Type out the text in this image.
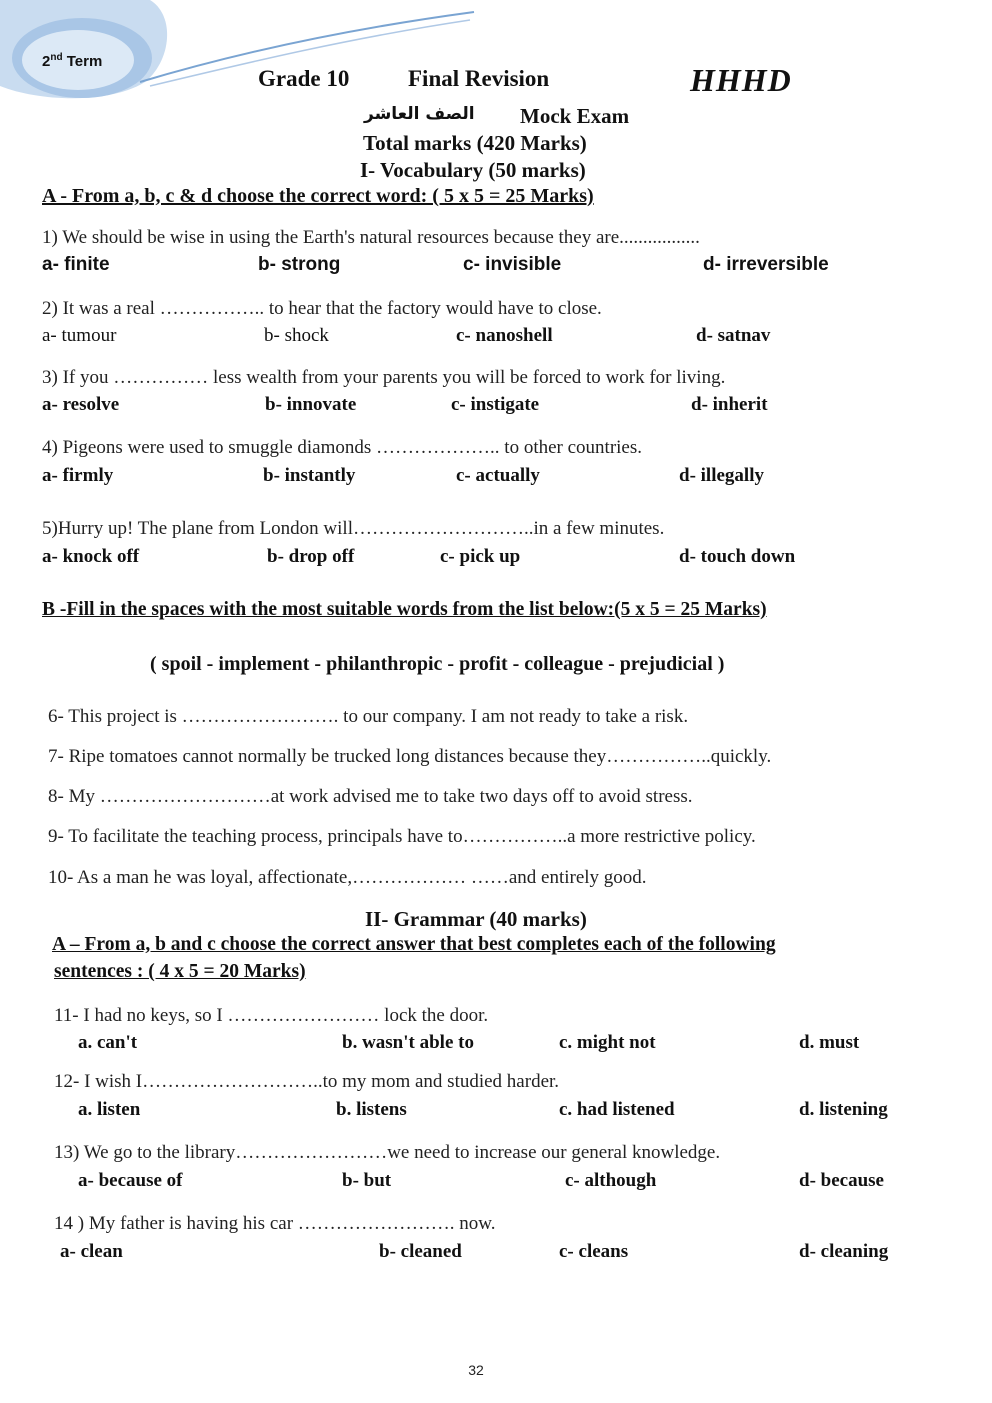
2nd Term
Grade 10	Final Revision	HHHD
الصف العاشر Mock Exam
Total marks (420 Marks)
I- Vocabulary (50 marks)
A - From a, b, c & d choose the correct word: ( 5 x 5 = 25 Marks)
1) We should be wise in using the Earth's natural resources because they are.................
a- finite	b- strong	c- invisible	d- irreversible
2) It was a real …………….. to hear that the factory would have to close.
a- tumour	b- shock	c- nanoshell	d- satnav
3) If you …………… less wealth from your parents you will be forced to work for living.
a- resolve	b- innovate	c- instigate	d- inherit
4) Pigeons were used to smuggle diamonds ……………….. to other countries.
a- firmly	b- instantly	c- actually	d- illegally
5)Hurry up! The plane from London will………………………..in a few minutes.
a- knock off	b- drop off	c- pick up	d- touch down
B -Fill in the spaces with the most suitable words from the list below:(5 x 5 = 25 Marks)
( spoil - implement - philanthropic - profit - colleague - prejudicial )
6- This project is ……………………. to our company. I am not ready to take a risk.
7- Ripe tomatoes cannot normally be trucked long distances because they……………..quickly.
8- My ………………………at work advised me to take two days off to avoid stress.
9- To facilitate the teaching process, principals have to……………..a more restrictive policy.
10- As a man he was loyal, affectionate,……………… ……and entirely good.
II- Grammar (40 marks)
A – From a, b and c choose the correct answer that best completes each of the following
sentences : ( 4 x 5 = 20 Marks)
11- I had no keys, so I …………………… lock the door.
a. can't	b. wasn't able to	c. might not	d. must
12- I wish I………………………..to my mom and studied harder.
a. listen	b. listens	c. had listened	d. listening
13) We go to the library……………………we need to increase our general knowledge.
a- because of	b- but	c- although	d- because
14 ) My father is having his car ……………………. now.
a- clean	b- cleaned	c- cleans	d- cleaning
32
